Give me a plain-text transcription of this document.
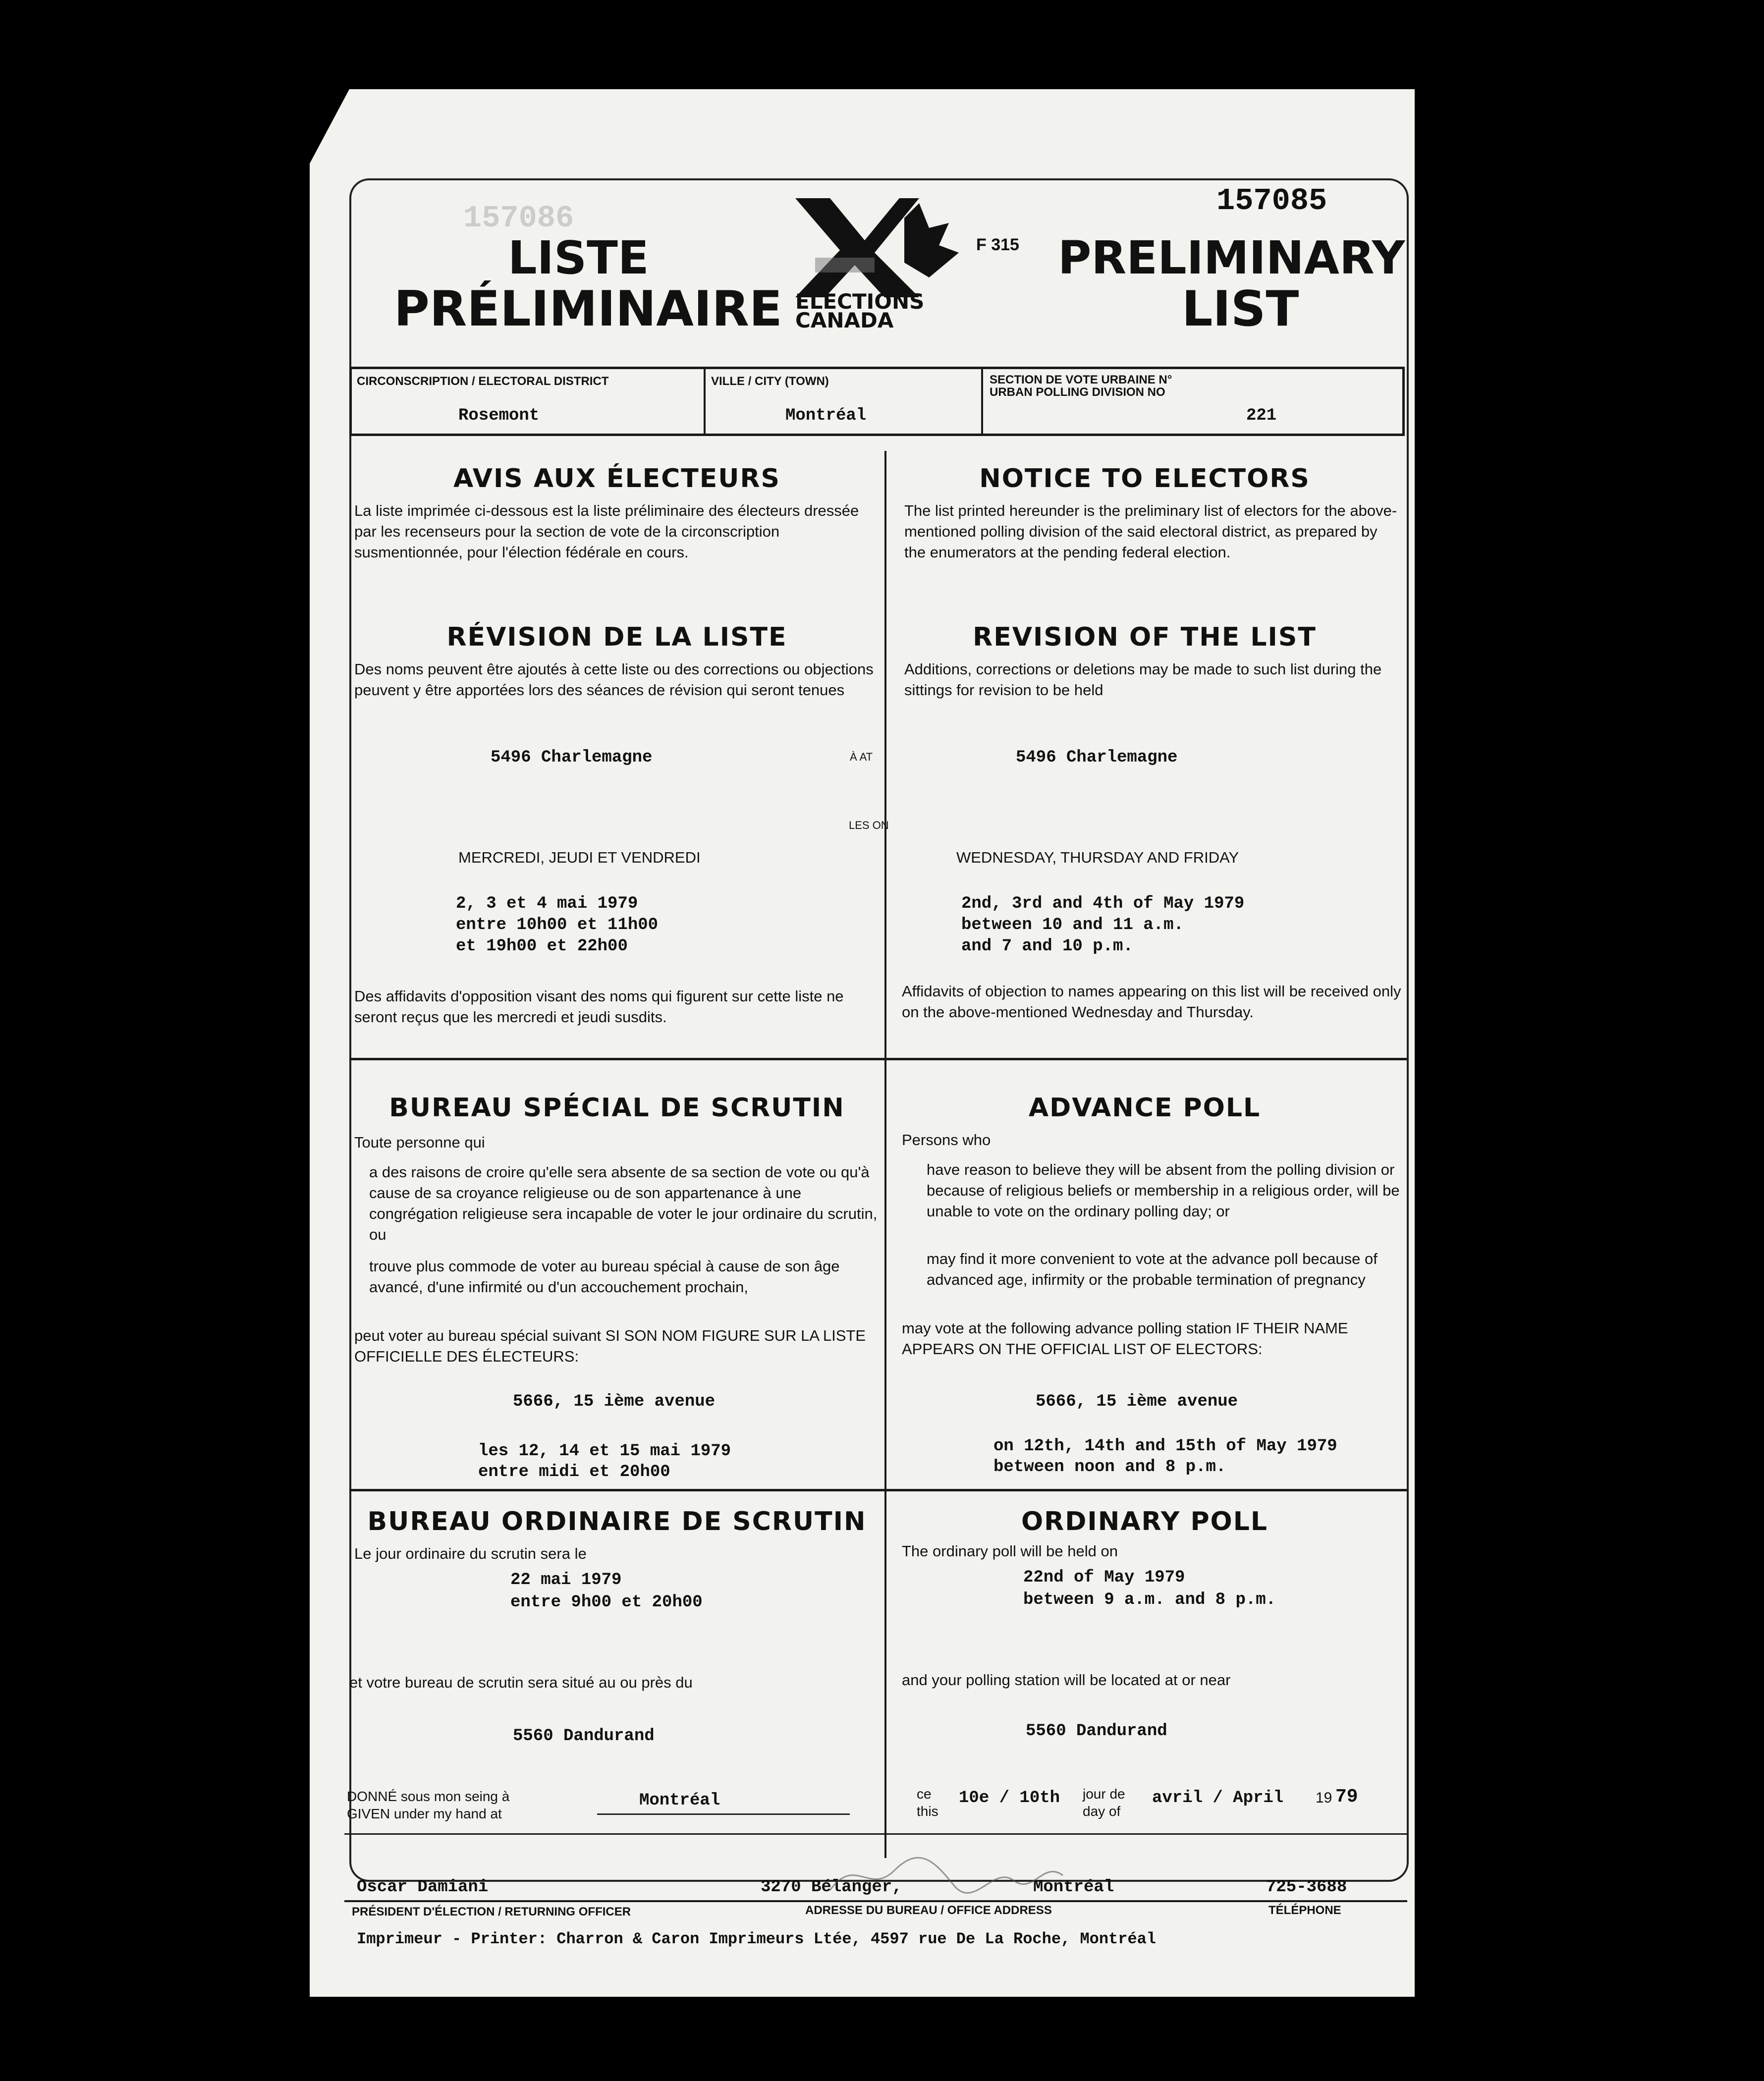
157086	157085
LISTE
PRÉLIMINAIRE ELECTIONS
CANADA
F 315 PRELIMINARY
LIST
CIRCONSCRIPTION / ELECTORAL DISTRICT
Rosemont
VILLE / CITY (TOWN)
Montréal
SECTION DE VOTE URBAINE N°
URBAN POLLING DIVISION NO
221
AVIS AUX ÉLECTEURS
La liste imprimée ci-dessous est la liste préliminaire des électeurs dressée par les recenseurs pour la section de vote de la circonscription susmentionnée, pour l'élection fédérale en cours.
NOTICE TO ELECTORS
The list printed hereunder is the preliminary list of electors for the above-mentioned polling division of the said electoral district, as prepared by the enumerators at the pending federal election.
RÉVISION DE LA LISTE
Des noms peuvent être ajoutés à cette liste ou des corrections ou objections peuvent y être apportées lors des séances de révision qui seront tenues
REVISION OF THE LIST
Additions, corrections or deletions may be made to such list during the sittings for revision to be held
5496 Charlemagne	À AT	5496 Charlemagne
LES ON
MERCREDI, JEUDI ET VENDREDI	WEDNESDAY, THURSDAY AND FRIDAY
2, 3 et 4 mai 1979
entre 10h00 et 11h00
et 19h00 et 22h00
2nd, 3rd and 4th of May 1979
between 10 and 11 a.m.
and 7 and 10 p.m.
Des affidavits d'opposition visant des noms qui figurent sur cette liste ne seront reçus que les mercredi et jeudi susdits.
Affidavits of objection to names appearing on this list will be received only on the above-mentioned Wednesday and Thursday.
BUREAU SPÉCIAL DE SCRUTIN
Toute personne qui
a des raisons de croire qu'elle sera absente de sa section de vote ou qu'à cause de sa croyance religieuse ou de son appartenance à une congrégation religieuse sera incapable de voter le jour ordinaire du scrutin, ou
trouve plus commode de voter au bureau spécial à cause de son âge avancé, d'une infirmité ou d'un accouchement prochain,
peut voter au bureau spécial suivant SI SON NOM FIGURE SUR LA LISTE OFFICIELLE DES ÉLECTEURS:
ADVANCE POLL
Persons who
have reason to believe they will be absent from the polling division or because of religious beliefs or membership in a religious order, will be unable to vote on the ordinary polling day; or
may find it more convenient to vote at the advance poll because of advanced age, infirmity or the probable termination of pregnancy
may vote at the following advance polling station IF THEIR NAME APPEARS ON THE OFFICIAL LIST OF ELECTORS:
5666, 15 ième avenue	5666, 15 ième avenue
les 12, 14 et 15 mai 1979
entre midi et 20h00
on 12th, 14th and 15th of May 1979
between noon and 8 p.m.
BUREAU ORDINAIRE DE SCRUTIN
Le jour ordinaire du scrutin sera le
ORDINARY POLL
The ordinary poll will be held on
22 mai 1979
entre 9h00 et 20h00
22nd of May 1979
between 9 a.m. and 8 p.m.
et votre bureau de scrutin sera situé au ou près du	and your polling station will be located at or near
5560 Dandurand	5560 Dandurand
DONNÉ sous mon seing à
GIVEN under my hand at
Montréal	ce
this
10e / 10th jour de
day of
avril / April 19 79
Oscar Damiani	3270 Bélanger,	Montréal	725-3688
PRÉSIDENT D'ÉLECTION / RETURNING OFFICER	ADRESSE DU BUREAU / OFFICE ADDRESS	TÉLÉPHONE
Imprimeur - Printer: Charron & Caron Imprimeurs Ltée, 4597 rue De La Roche, Montréal
